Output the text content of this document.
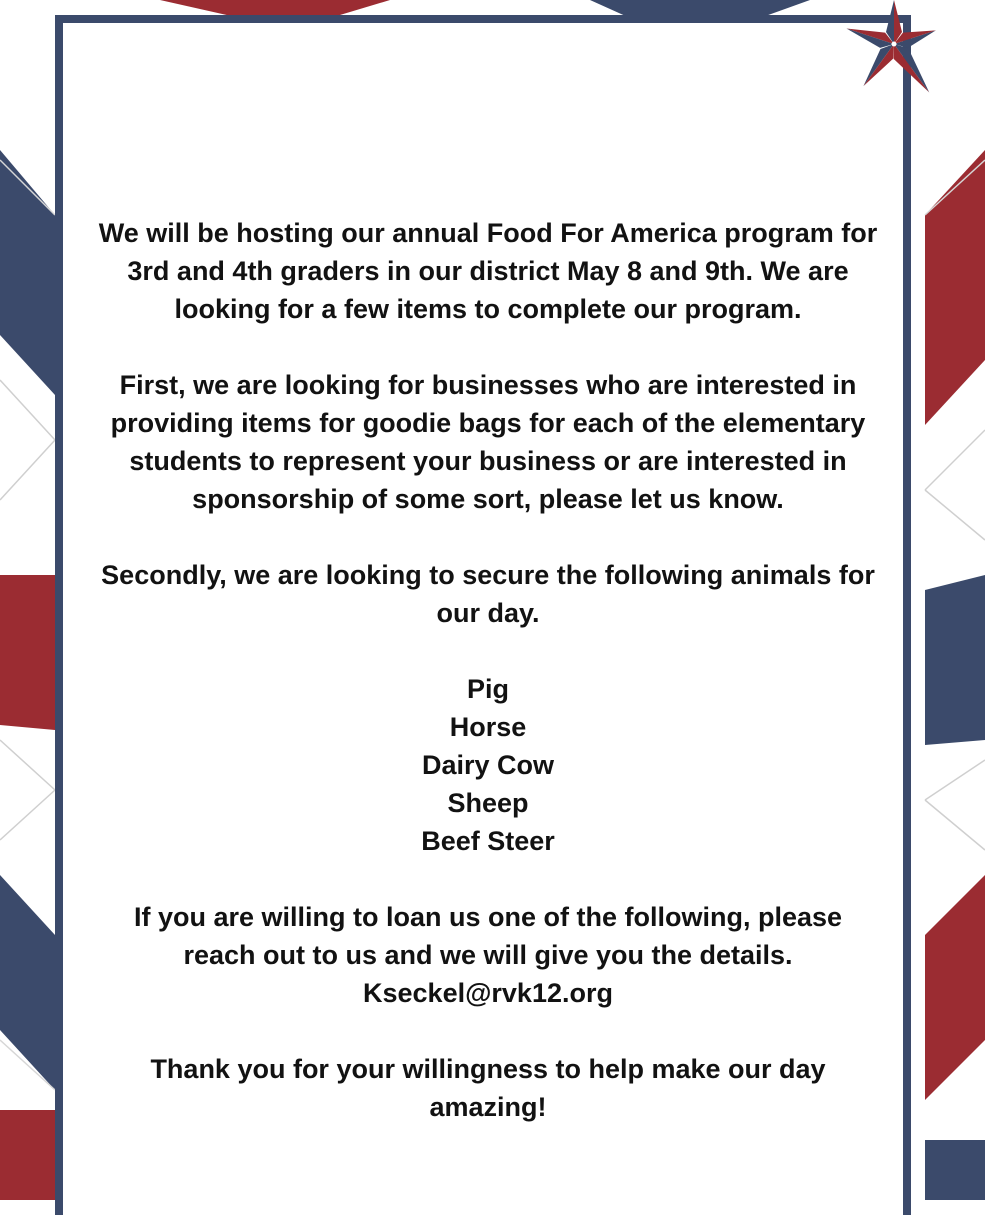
We will be hosting our annual Food For America program for 3rd and 4th graders in our district May 8 and 9th. We are looking for a few items to complete our program.

First, we are looking for businesses who are interested in providing items for goodie bags for each of the elementary students to represent your business or are interested in sponsorship of some sort, please let us know.

Secondly, we are looking to secure the following animals for our day.

Pig
Horse
Dairy Cow
Sheep
Beef Steer

If you are willing to loan us one of the following, please reach out to us and we will give you the details.
Kseckel@rvk12.org

Thank you for your willingness to help make our day amazing!
